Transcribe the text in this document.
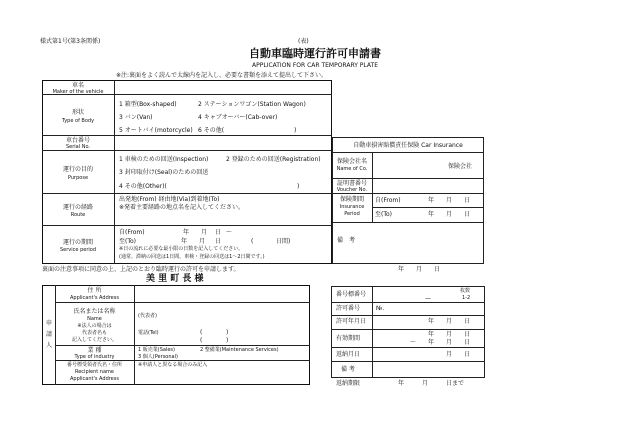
様式第1号(第3条関係)	(表)
自動車臨時運行許可申請書
APPLICATION FOR CAR TEMPORARY PLATE
※注:裏面をよく読んで太線内を記入し、必要な書類を添えて提出して下さい。
車名
Maker of the vehicle
形状
Type of Body
1 箱型(Box-shaped)	2 ステーションワゴン(Station Wagon)
3 バン(Van)	4 キャブオーバー(Cab-over)
5 オートバイ(motorcycle) 6 その他(	)
車台番号
Serial No.
運行の目的
Purpose
1 車検のための回送(Inspection)	2 登録のための回送(Registration)
3 封印取付け(Seal)のための回送
4 その他(Other)(	)
運行の経路
Route
出発地(From) 経由地(Via)到着地(To)
※発着主要経路の地点名を記入してください。
運行の期間
Service period
自(From)	年 月 日 ～
至(To)	年 月 日	(	日間)
※日の流れに必要な最小限の日数を記入してください。
(通常、滞納の回送は1日間、車検・登録の回送は1～2日間です。)
自動車損害賠償責任保険 Car Insurance
保険会社名
Name of Co.	保険会社
証明書番号
Voucher No.
保険期間
Insurance
Period
自(From)	年 月 日
至(To)	年 月 日
備　考
裏面の注意事項に同意の上、上記のとおり臨時運行の許可を申請します。	年 月 日
美 里 町 長 様
申請人
住 所
Applicant's Address
氏名または名称
Name
※法人の場合は
代表者名も
記入してください。
(代表者)
電話(Tel)	(	)
(	)
業 種
Type of industry
1 販売業(Sales)	2 整備業(Maintenance Services)
3 個人(Personal)
番号標受領者氏名・住所
Recipient name
Applicant's Address
※申請人と異なる場合のみ記入
番号標番号	枚数
—	1-2
許可番号	№.
許可年月日	年 月 日
有効期間
年 月 日
～ 年 月 日
返納月日	月 日
備 考
返納期限	年	月	日まで
